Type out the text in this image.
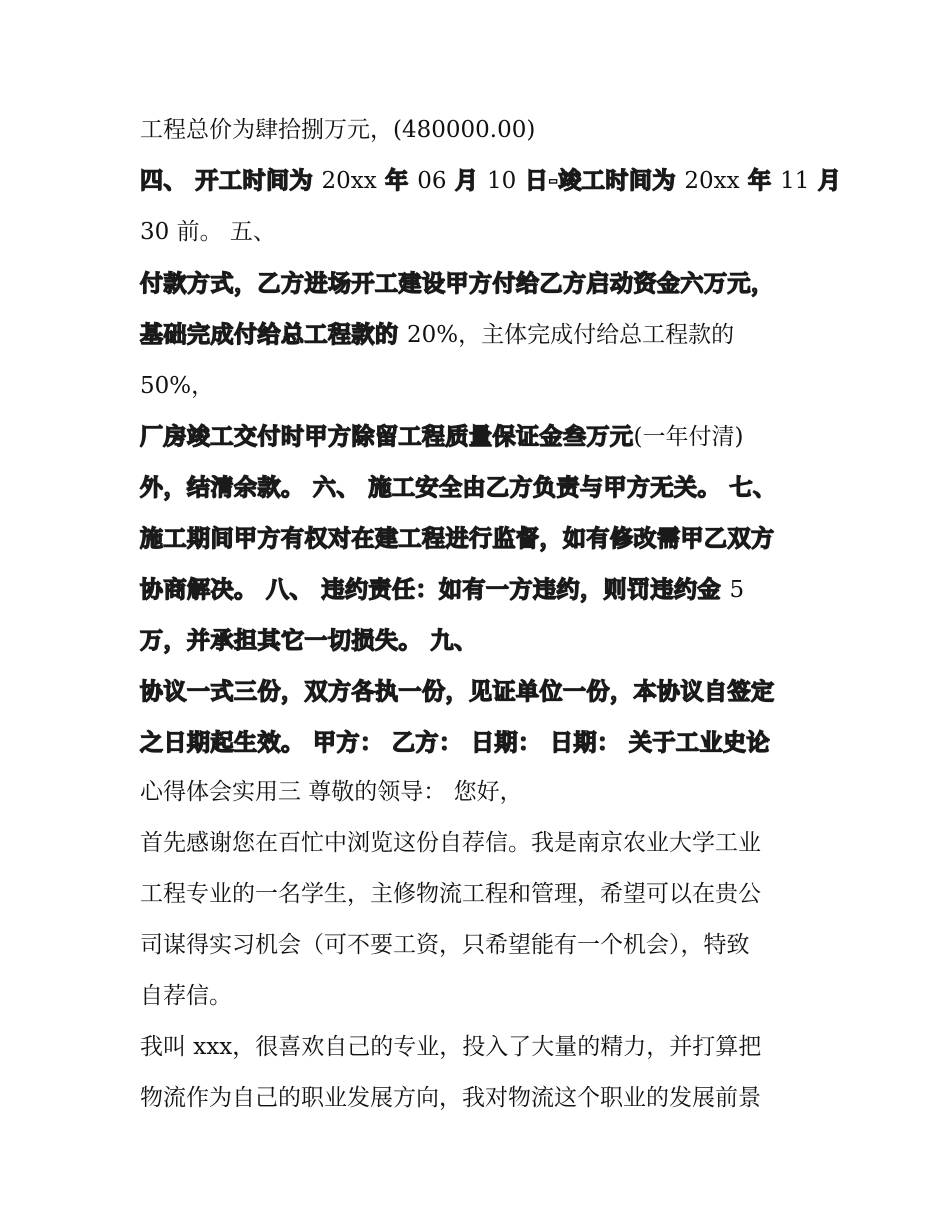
工程总价为肆拾捌万元，(480000.00)
四、 开工时间为 20xx 年 06 月 10 日-竣工时间为 20xx 年 11 月
30 前。 五、
付款方式，乙方进场开工建设甲方付给乙方启动资金六万元，
基础完成付给总工程款的 20%，主体完成付给总工程款的
50%，
厂房竣工交付时甲方除留工程质量保证金叁万元(一年付清)
外，结清余款。 六、 施工安全由乙方负责与甲方无关。 七、
施工期间甲方有权对在建工程进行监督，如有修改需甲乙双方
协商解决。 八、 违约责任：如有一方违约，则罚违约金 5
万，并承担其它一切损失。 九、
协议一式三份，双方各执一份，见证单位一份，本协议自签定
之日期起生效。 甲方： 乙方： 日期： 日期： 关于工业史论
心得体会实用三 尊敬的领导： 您好，
首先感谢您在百忙中浏览这份自荐信。我是南京农业大学工业
工程专业的一名学生，主修物流工程和管理，希望可以在贵公
司谋得实习机会（可不要工资，只希望能有一个机会），特致
自荐信。
我叫 xxx，很喜欢自己的专业，投入了大量的精力，并打算把
物流作为自己的职业发展方向，我对物流这个职业的发展前景
